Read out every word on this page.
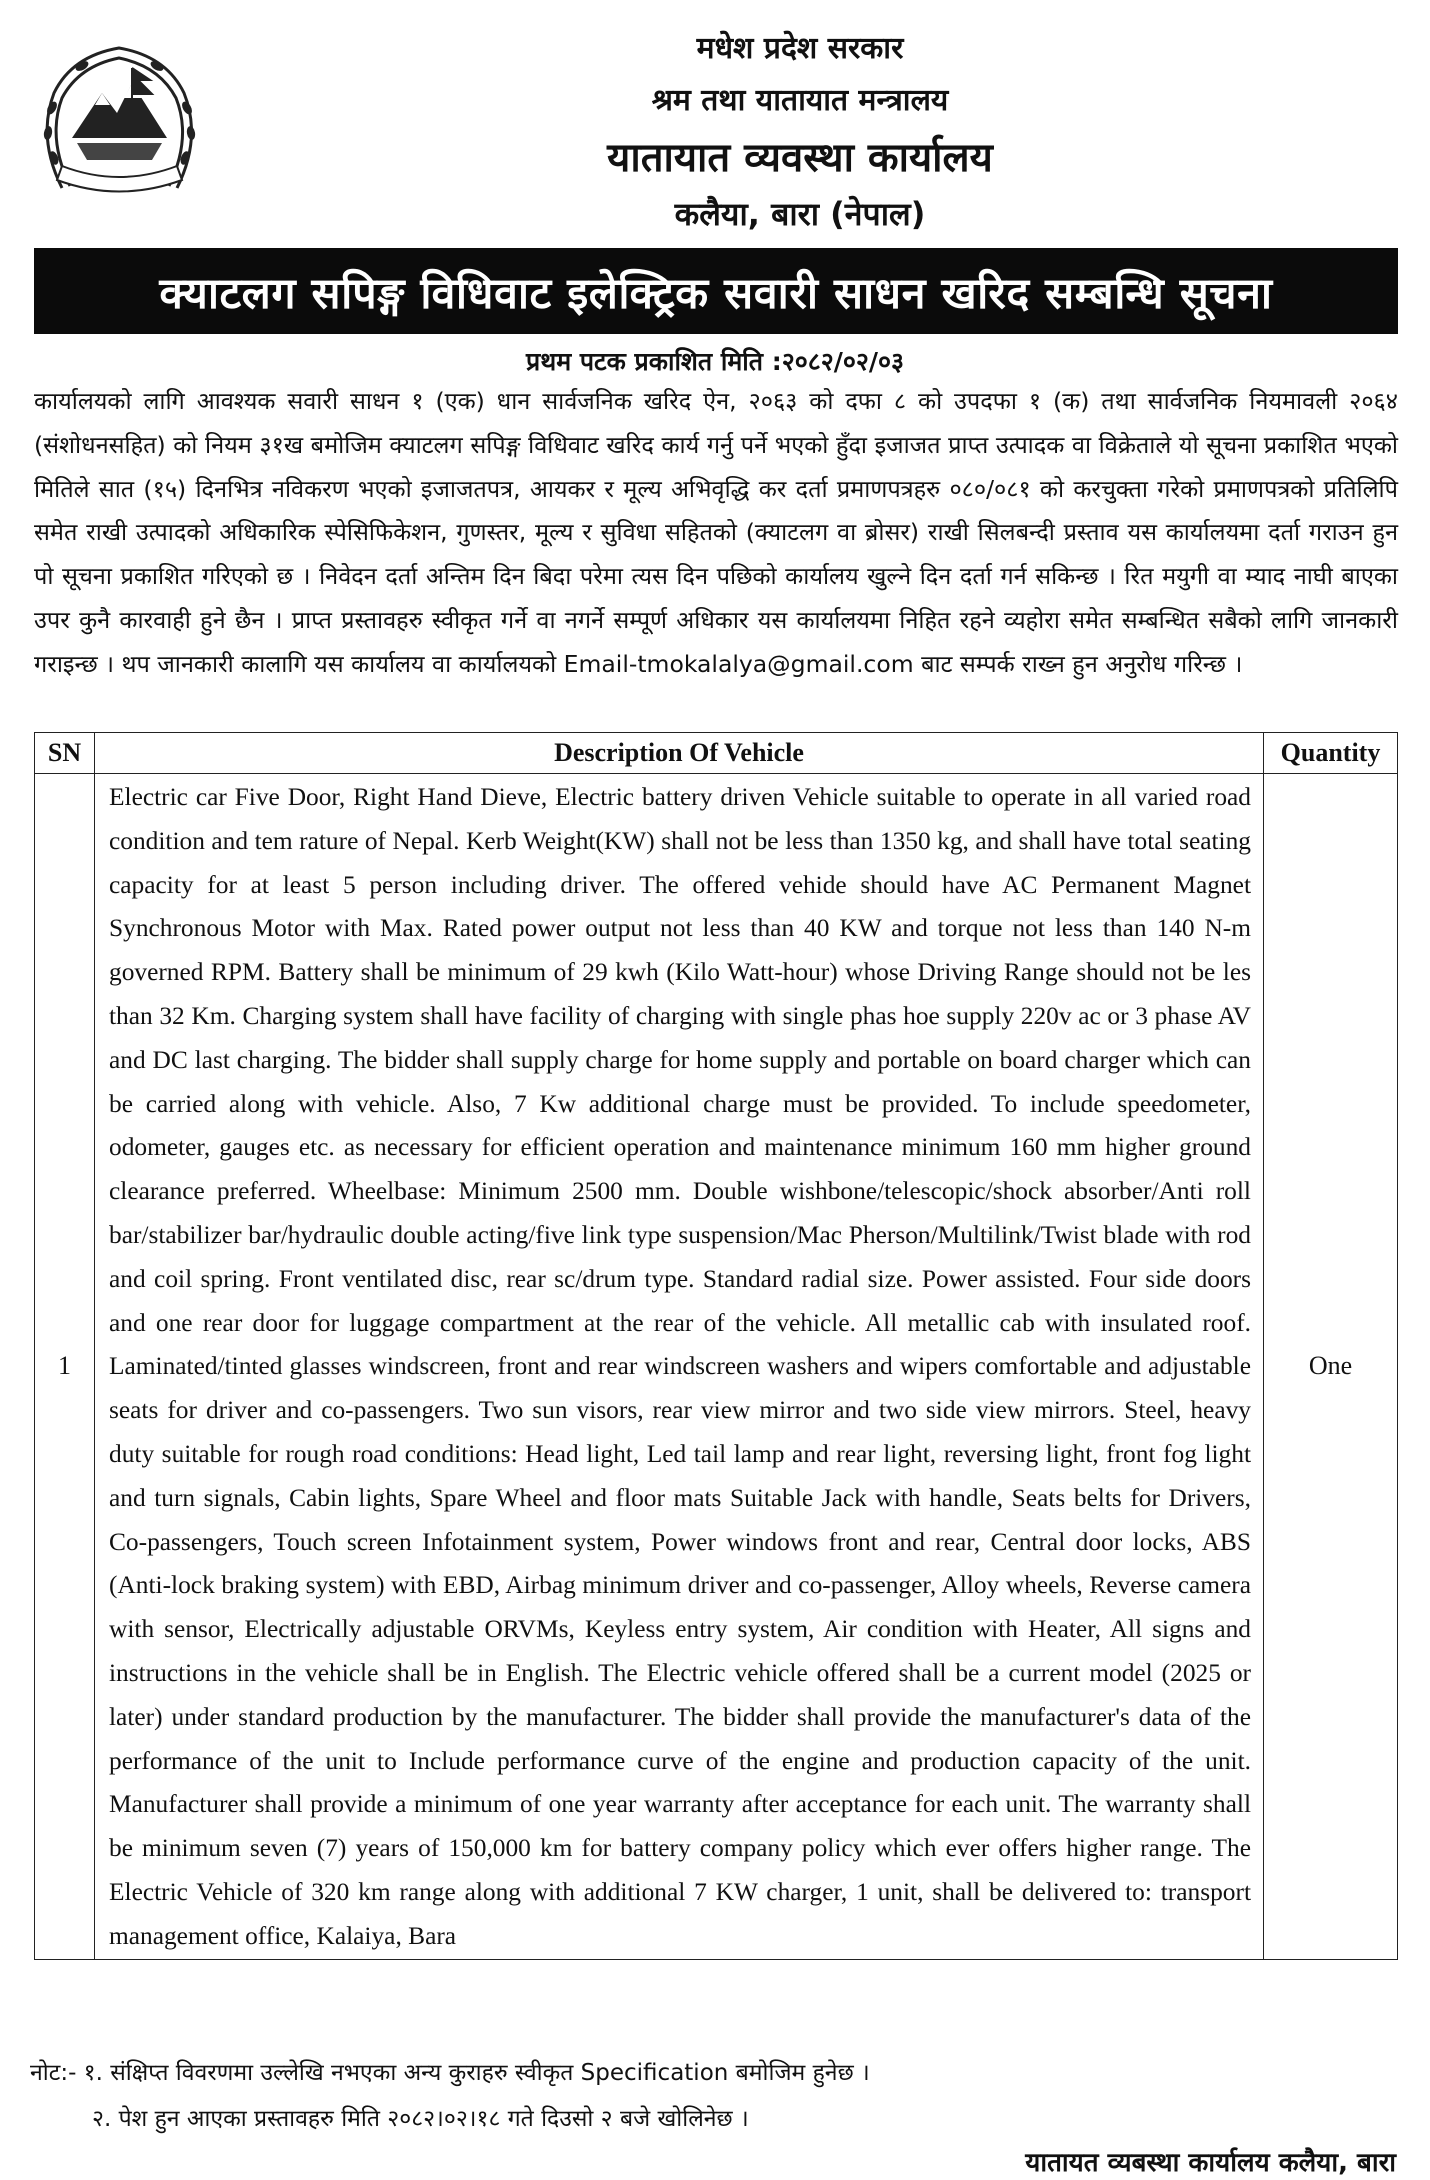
मधेश प्रदेश सरकार
श्रम तथा यातायात मन्त्रालय
यातायात व्यवस्था कार्यालय
कलैया, बारा (नेपाल)
क्याटलग सपिङ्ग विधिवाट इलेक्ट्रिक सवारी साधन खरिद सम्बन्धि सूचना
प्रथम पटक प्रकाशित मिति :२०८२/०२/०३
कार्यालयको लागि आवश्यक सवारी साधन १ (एक) धान सार्वजनिक खरिद ऐन, २०६३ को दफा ८ को उपदफा १ (क) तथा सार्वजनिक नियमावली २०६४ (संशोधनसहित) को नियम ३१ख बमोजिम क्याटलग सपिङ्ग विधिवाट खरिद कार्य गर्नु पर्ने भएको हुँदा इजाजत प्राप्त उत्पादक वा विक्रेताले यो सूचना प्रकाशित भएको मितिले सात (१५) दिनभित्र नविकरण भएको इजाजतपत्र, आयकर र मूल्य अभिवृद्धि कर दर्ता प्रमाणपत्रहरु ०८०/०८१ को करचुक्ता गरेको प्रमाणपत्रको प्रतिलिपि समेत राखी उत्पादको अधिकारिक स्पेसिफिकेशन, गुणस्तर, मूल्य र सुविधा सहितको (क्याटलग वा ब्रोसर) राखी सिलबन्दी प्रस्ताव यस कार्यालयमा दर्ता गराउन हुन पो सूचना प्रकाशित गरिएको छ । निवेदन दर्ता अन्तिम दिन बिदा परेमा त्यस दिन पछिको कार्यालय खुल्ने दिन दर्ता गर्न सकिन्छ । रित मयुगी वा म्याद नाघी बाएका उपर कुनै कारवाही हुने छैन । प्राप्त प्रस्तावहरु स्वीकृत गर्ने वा नगर्ने सम्पूर्ण अधिकार यस कार्यालयमा निहित रहने व्यहोरा समेत सम्बन्धित सबैको लागि जानकारी गराइन्छ । थप जानकारी कालागि यस कार्यालय वा कार्यालयको Email-tmokalalya@gmail.com बाट सम्पर्क राख्न हुन अनुरोध गरिन्छ ।
SN	Description Of Vehicle	Quantity
1	Electric car Five Door, Right Hand Dieve, Electric battery driven Vehicle suitable to operate in all varied road condition and tem rature of Nepal. Kerb Weight(KW) shall not be less than 1350 kg, and shall have total seating capacity for at least 5 person including driver. The offered vehide should have AC Permanent Magnet Synchronous Motor with Max. Rated power output not less than 40 KW and torque not less than 140 N-m governed RPM. Battery shall be minimum of 29 kwh (Kilo Watt-hour) whose Driving Range should not be les than 32 Km. Charging system shall have facility of charging with single phas hoe supply 220v ac or 3 phase AV and DC last charging. The bidder shall supply charge for home supply and portable on board charger which can be carried along with vehicle. Also, 7 Kw additional charge must be provided. To include speedometer, odometer, gauges etc. as necessary for efficient operation and maintenance minimum 160 mm higher ground clearance preferred. Wheelbase: Minimum 2500 mm. Double wishbone/telescopic/shock absorber/Anti roll bar/stabilizer bar/hydraulic double acting/five link type suspension/Mac Pherson/Multilink/Twist blade with rod and coil spring. Front ventilated disc, rear sc/drum type. Standard radial size. Power assisted. Four side doors and one rear door for luggage compartment at the rear of the vehicle. All metallic cab with insulated roof. Laminated/tinted glasses windscreen, front and rear windscreen washers and wipers comfortable and adjustable seats for driver and co-passengers. Two sun visors, rear view mirror and two side view mirrors. Steel, heavy duty suitable for rough road conditions: Head light, Led tail lamp and rear light, reversing light, front fog light and turn signals, Cabin lights, Spare Wheel and floor mats Suitable Jack with handle, Seats belts for Drivers, Co-passengers, Touch screen Infotainment system, Power windows front and rear, Central door locks, ABS (Anti-lock braking system) with EBD, Airbag minimum driver and co-passenger, Alloy wheels, Reverse camera with sensor, Electrically adjustable ORVMs, Keyless entry system, Air condition with Heater, All signs and instructions in the vehicle shall be in English. The Electric vehicle offered shall be a current model (2025 or later) under standard production by the manufacturer. The bidder shall provide the manufacturer's data of the performance of the unit to Include performance curve of the engine and production capacity of the unit. Manufacturer shall provide a minimum of one year warranty after acceptance for each unit. The warranty shall be minimum seven (7) years of 150,000 km for battery company policy which ever offers higher range. The Electric Vehicle of 320 km range along with additional 7 KW charger, 1 unit, shall be delivered to: transport management office, Kalaiya, Bara	One
नोट:- १. संक्षिप्त विवरणमा उल्लेखि नभएका अन्य कुराहरु स्वीकृत Specification बमोजिम हुनेछ ।
२. पेश हुन आएका प्रस्तावहरु मिति २०८२।०२।१८ गते दिउसो २ बजे खोलिनेछ ।
यातायत व्यबस्था कार्यालय कलैया, बारा
